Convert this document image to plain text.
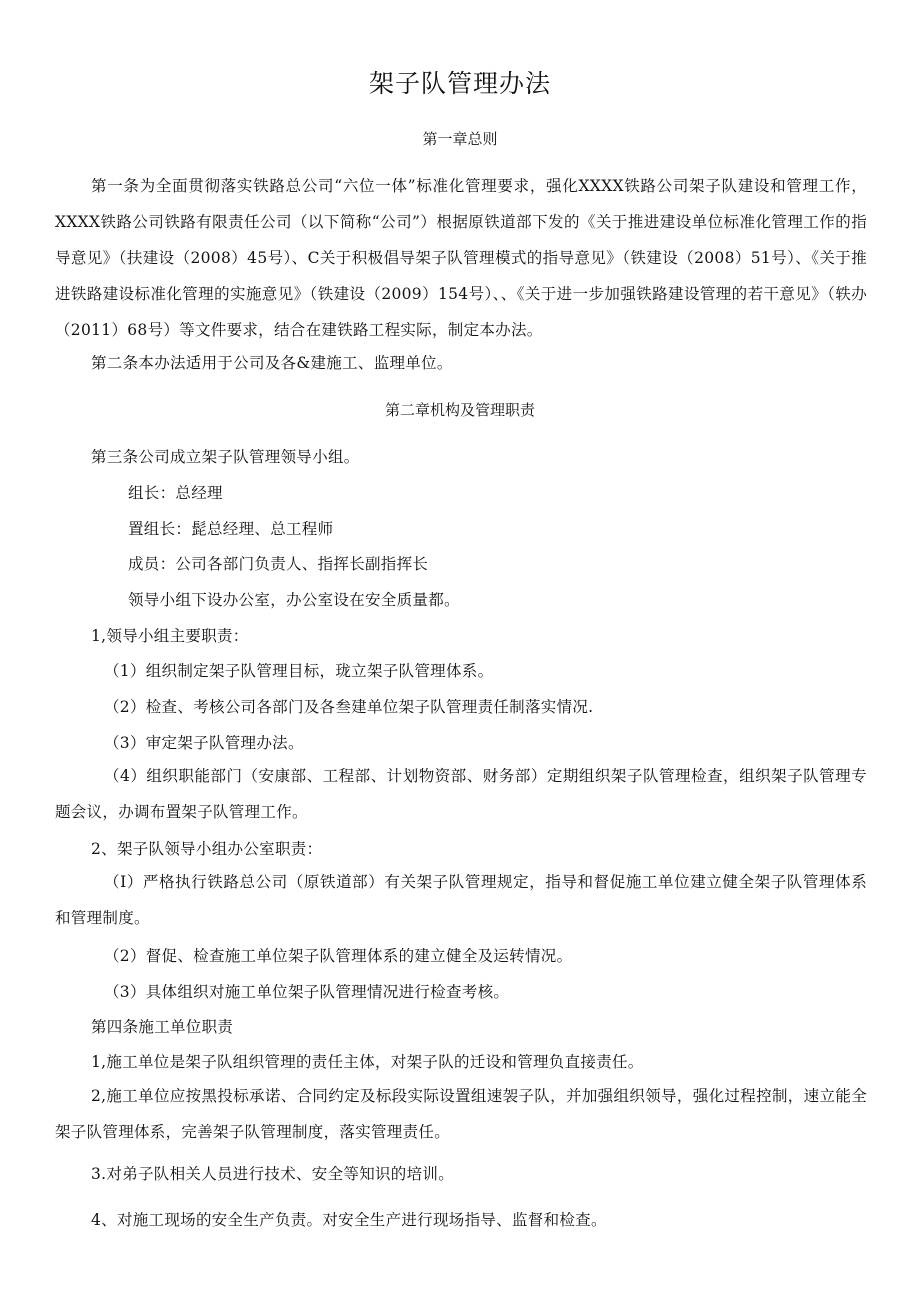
架子队管理办法
第一章总则

第一条为全面贯彻落实铁路总公司“六位一体”标准化管理要求，强化XXXX铁路公司架子队建设和管理工作，XXXX铁路公司铁路有限责任公司（以下简称“公司”）根据原铁道部下发的《关于推进建设单位标准化管理工作的指导意见》（扶建设（2008）45号）、C关于积极倡导架子队管理模式的指导意见》（铁建设（2008）51号）、《关于推进铁路建设标准化管理的实施意见》（铁建设（2009）154号）、、《关于进一步加强铁路建设管理的若干意见》（轶办（2011）68号）等文件要求，结合在建铁路工程实际，制定本办法。

第二条本办法适用于公司及各&建施工、监理单位。
第二章机构及管理职责
第三条公司成立架子队管理领导小组。
组长：总经理
置组长：髭总经理、总工程师
成员：公司各部门负责人、指挥长副指挥长
领导小组下设办公室，办公室设在安全质量都。
1,领导小组主要职责：
（1）组织制定架子队管理目标，珑立架子队管理体系。
（2）检查、考核公司各部门及各叁建单位架子队管理责任制落实情况.
（3）审定架子队管理办法。

（4）组织职能部门（安康部、工程部、计划物资部、财务部）定期组织架子队管理检查，组织架子队管理专题会议，办调布置架子队管理工作。

2、架子队领导小组办公室职责：

（I）严格执行铁路总公司（原铁道部）有关架子队管理规定，指导和督促施工单位建立健全架子队管理体系和管理制度。

（2）督促、检查施工单位架子队管理体系的建立健全及运转情况。
（3）具体组织对施工单位架子队管理情况进行检查考核。
第四条施工单位职责
1,施工单位是架子队组织管理的责任主体，对架子队的迁设和管理负直接责任。

2,施工单位应按黑投标承诺、合同约定及标段实际设置组速袈子队，并加强组织领导，强化过程控制，速立能全架子队管理体系，完善架子队管理制度，落实管理责任。

3.对弟子队相关人员进行技术、安全等知识的培训。
4、对施工现场的安全生产负责。对安全生产进行现场指导、监督和检查。
